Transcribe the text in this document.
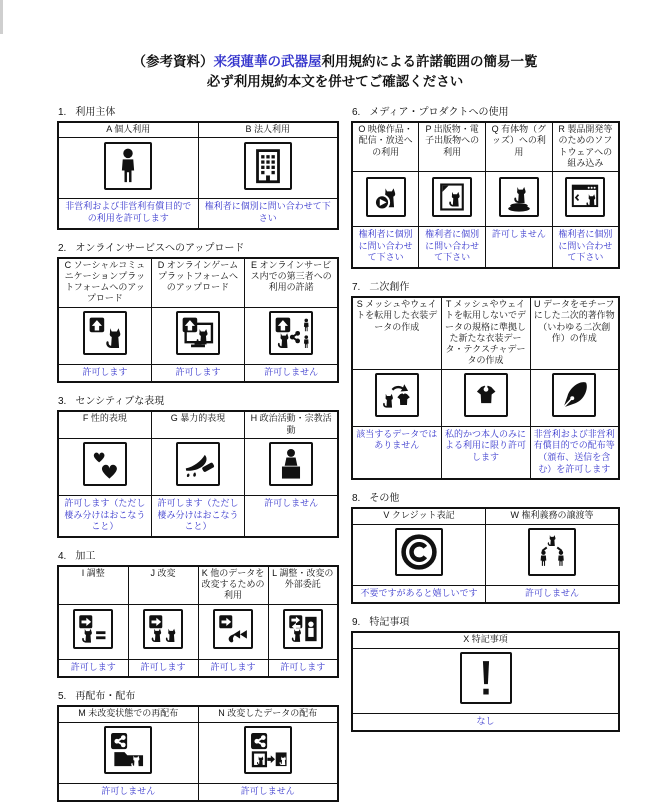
（参考資料）来須蓮華の武器屋利用規約による許諾範囲の簡易一覧
必ず利用規約本文を併せてご確認ください
1. 利用主体
A 個人利用	B 法人利用

非営利および非営利有償目的での利用を許可します	権利者に個別に問い合わせて下さい
2. オンラインサービスへのアップロード
C ソーシャルコミュニケーションプラットフォームへのアップロード	D オンラインゲームプラットフォームへのアップロード	E オンラインサービス内での第三者への利用の許諾

許可します	許可します	許可しません
3. センシティブな表現
F 性的表現	G 暴力的表現	H 政治活動・宗教活動

許可します（ただし棲み分けはおこなうこと）	許可します（ただし棲み分けはおこなうこと）	許可しません
4. 加工
I 調整	J 改変	K 他のデータを改変するための利用	L 調整・改変の外部委託

許可します	許可します	許可します	許可します
5. 再配布・配布
M 未改変状態での再配布	N 改変したデータの配布

許可しません	許可しません
6. メディア・プロダクトへの使用
O 映像作品・配信・放送への利用	P 出版物・電子出版物への利用	Q 有体物（グッズ）への利用	R 製品開発等のためのソフトウェアへの組み込み

権利者に個別に問い合わせて下さい	権利者に個別に問い合わせて下さい	許可しません	権利者に個別に問い合わせて下さい
7. 二次創作
S メッシュやウェイトを転用した衣装データの作成	T メッシュやウェイトを転用しないでデータの規格に準拠した新たな衣装データ・テクスチャデータの作成	U データをモチーフにした二次的著作物（いわゆる二次創作）の作成

該当するデータではありません	私的かつ本人のみによる利用に限り許可します	非営利および非営利有償目的での配布等（頒布、送信を含む）を許可します
8. その他
V クレジット表記	W 権利義務の譲渡等

不要ですがあると嬉しいです	許可しません
9. 特記事項
X 特記事項

なし
